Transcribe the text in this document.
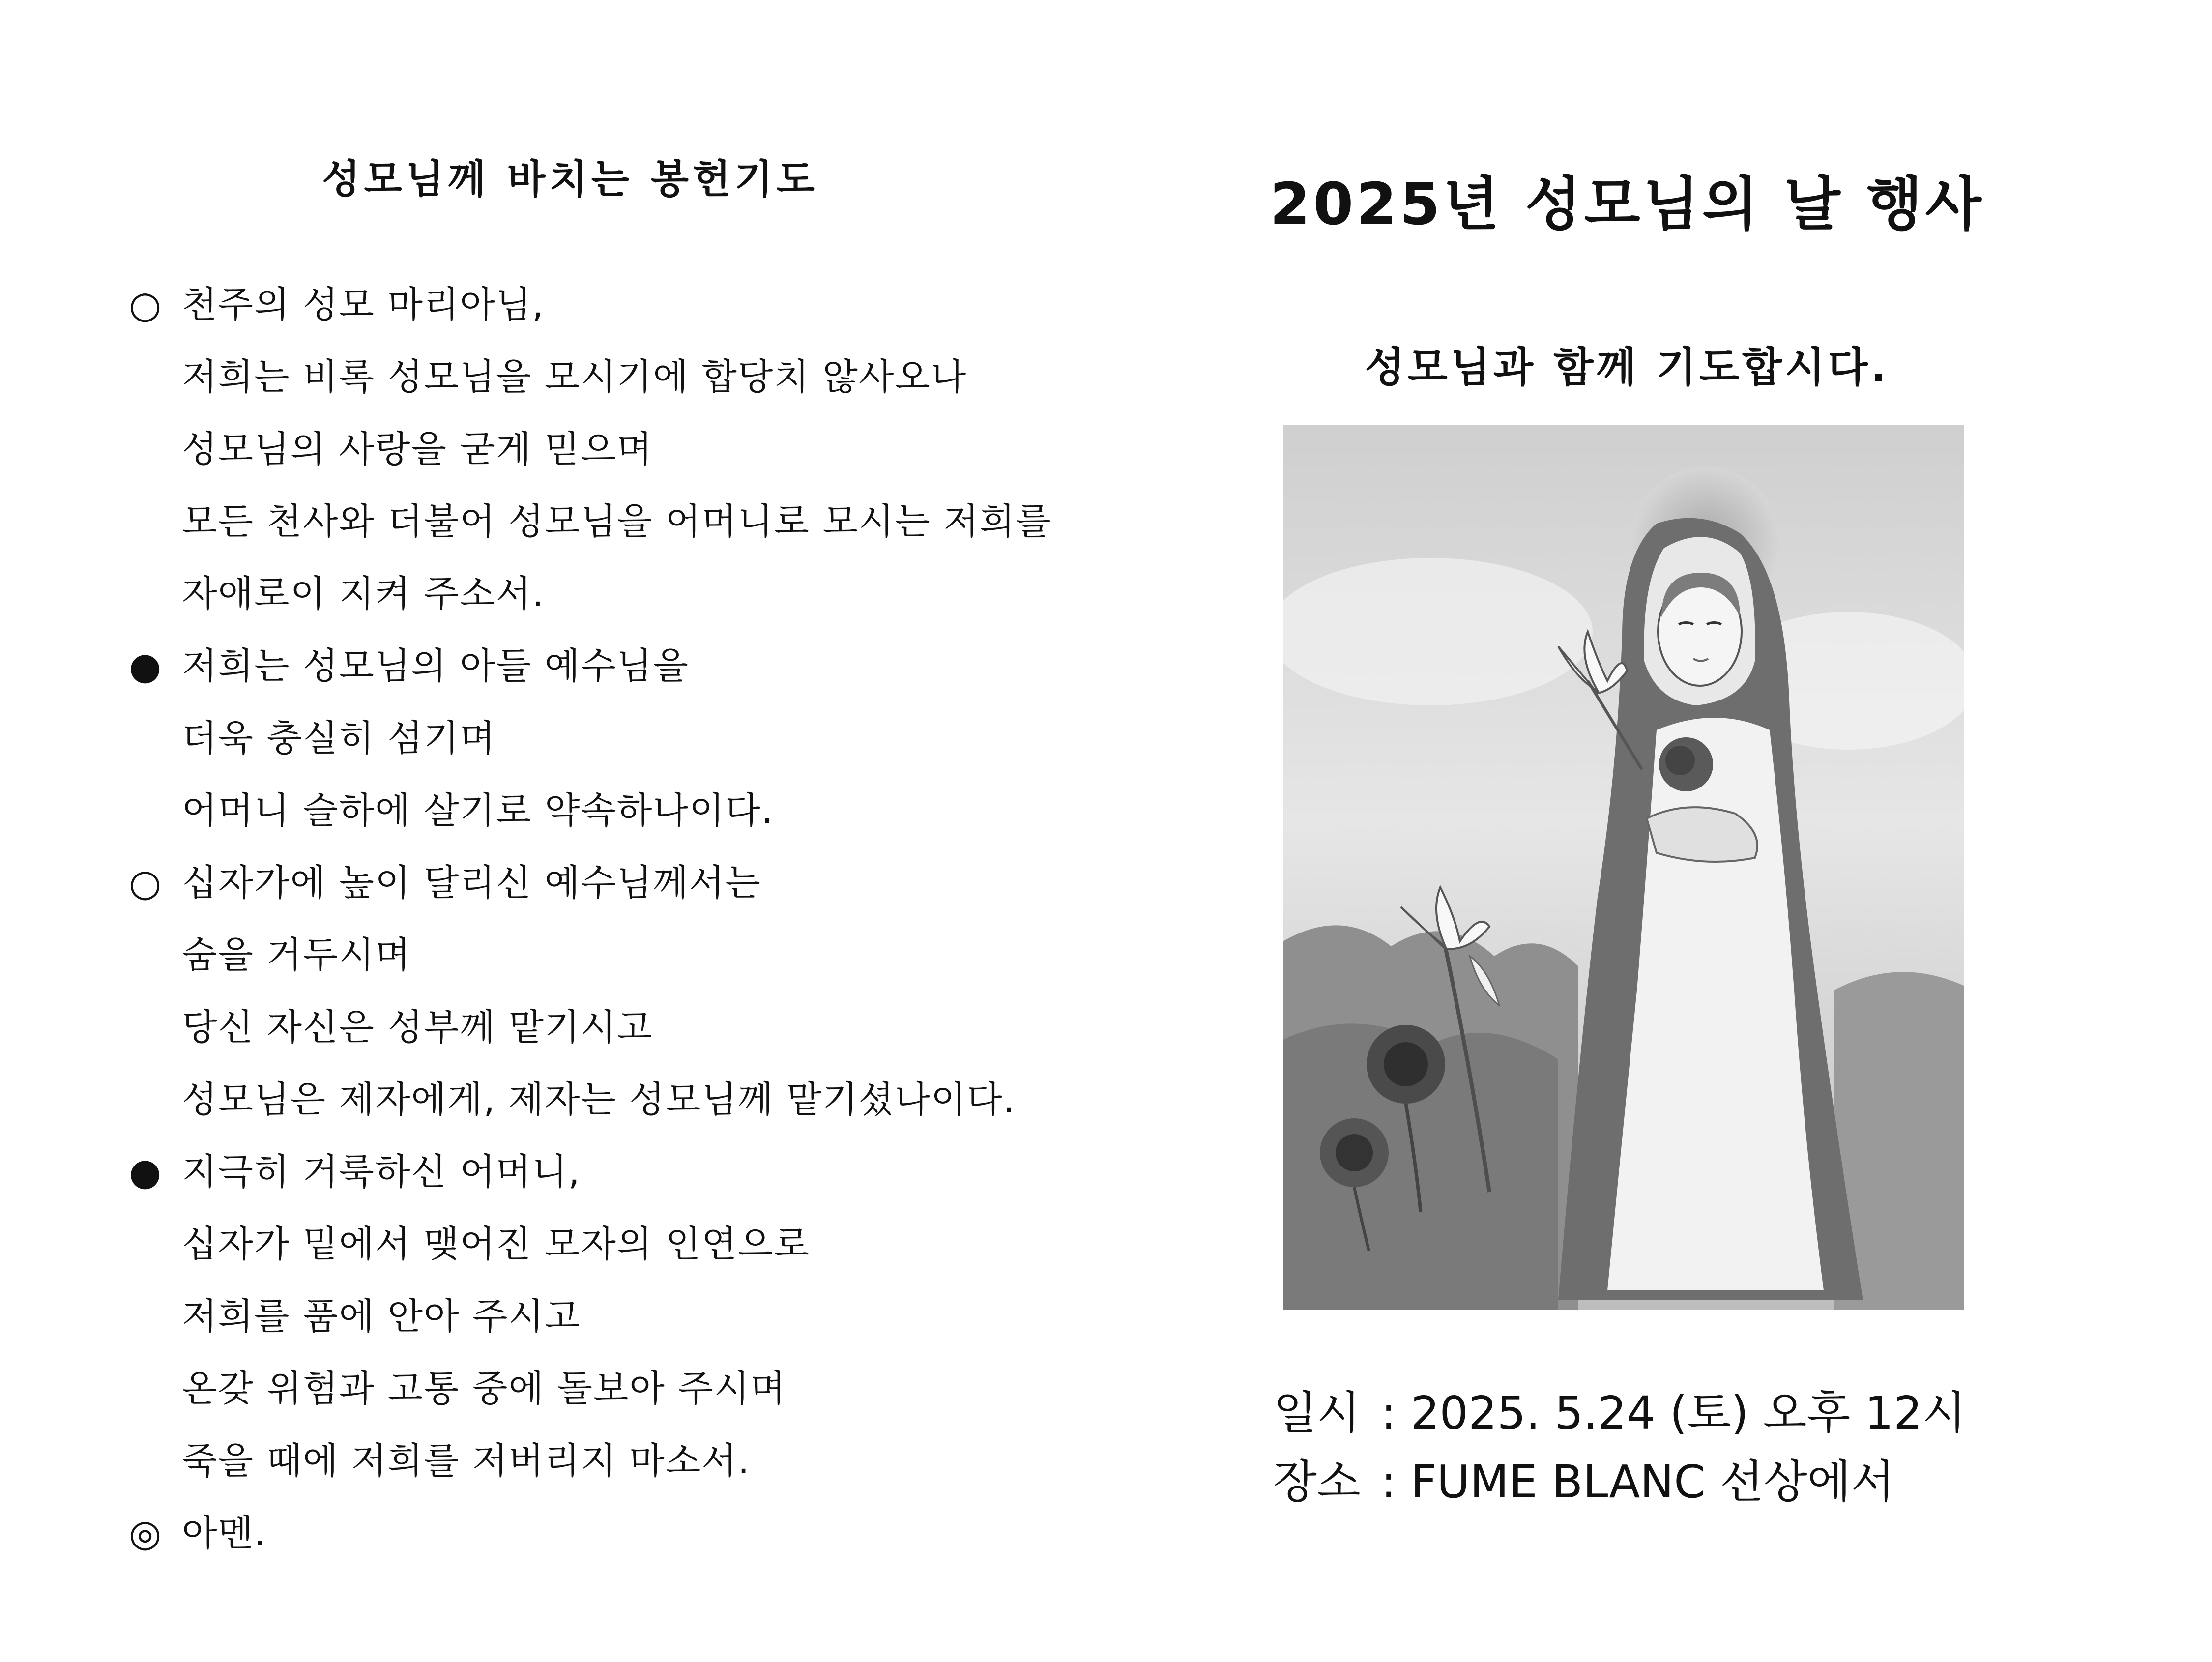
성모님께 바치는 봉헌기도
○ 천주의 성모 마리아님,
저희는 비록 성모님을 모시기에 합당치 않사오나
성모님의 사랑을 굳게 믿으며
모든 천사와 더불어 성모님을 어머니로 모시는 저희를
자애로이 지켜 주소서.
● 저희는 성모님의 아들 예수님을
더욱 충실히 섬기며
어머니 슬하에 살기로 약속하나이다.
○ 십자가에 높이 달리신 예수님께서는
숨을 거두시며
당신 자신은 성부께 맡기시고
성모님은 제자에게, 제자는 성모님께 맡기셨나이다.
● 지극히 거룩하신 어머니,
십자가 밑에서 맺어진 모자의 인연으로
저희를 품에 안아 주시고
온갖 위험과 고통 중에 돌보아 주시며
죽을 때에 저희를 저버리지 마소서.
◎ 아멘.
2025년 성모님의 날 행사
성모님과 함께 기도합시다.
일시 : 2025. 5.24 (토) 오후 12시
장소 : FUME BLANC 선상에서
